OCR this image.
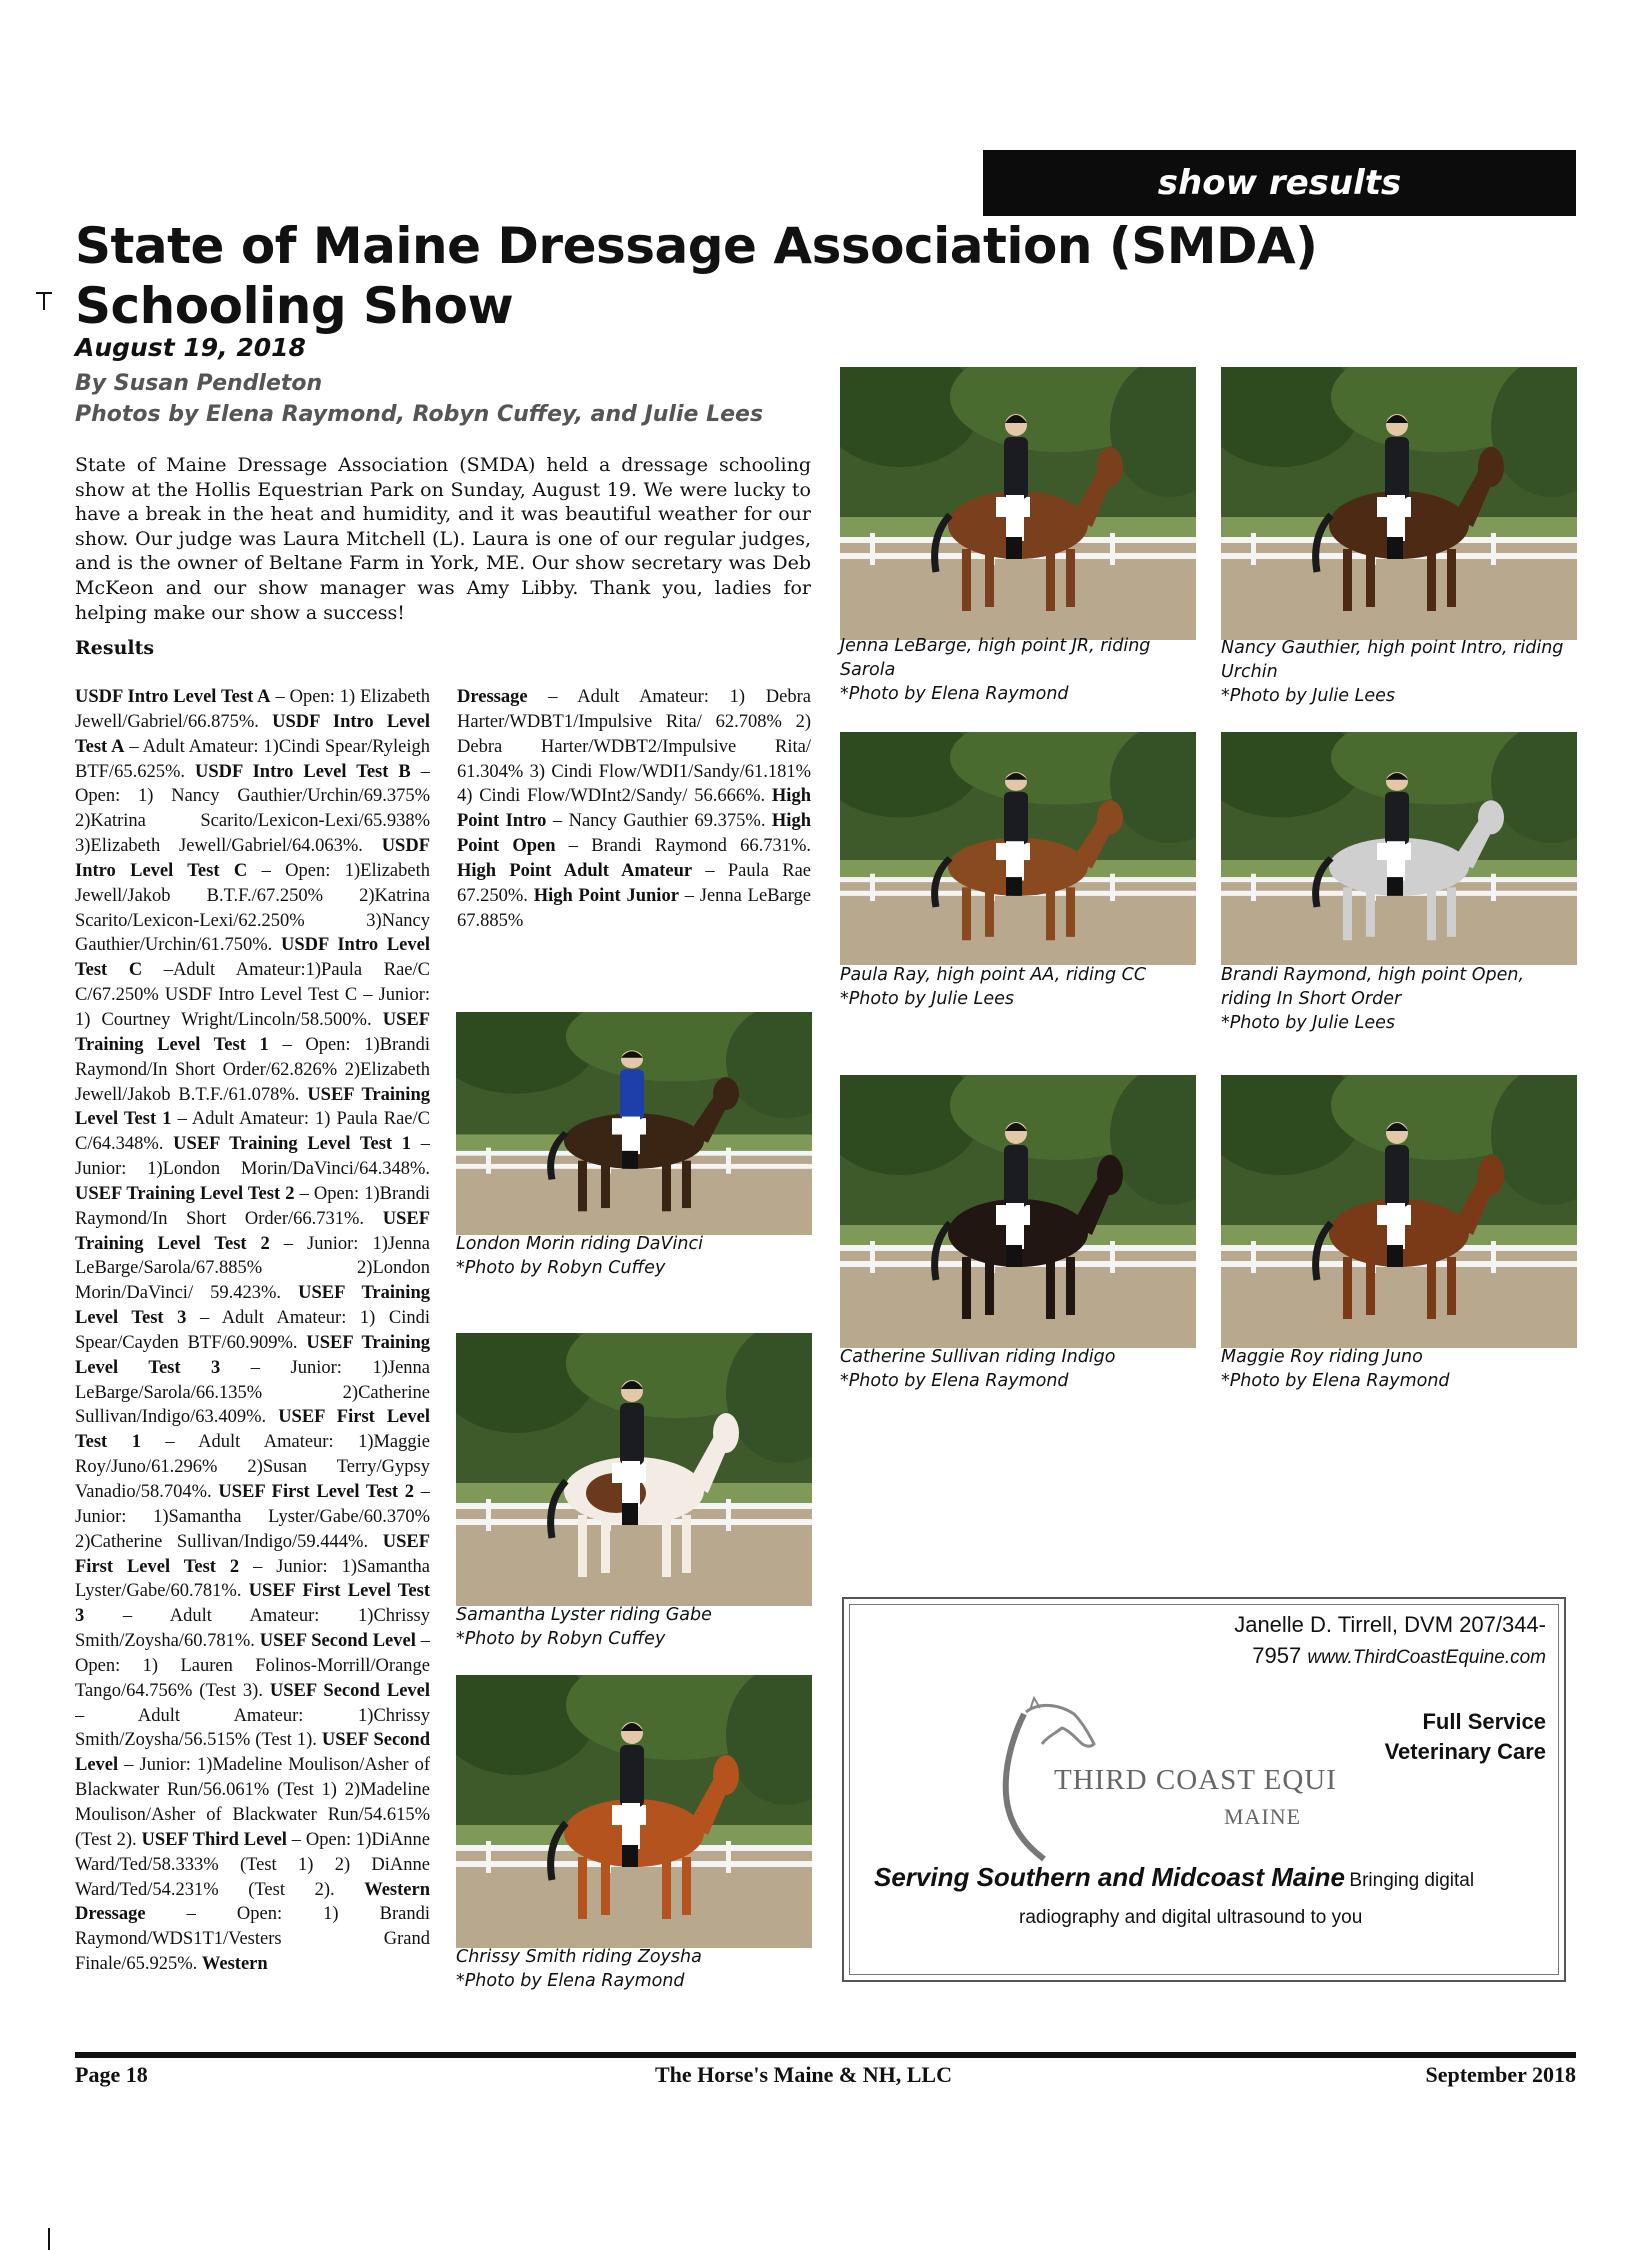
show results
State of Maine Dressage Association (SMDA) Schooling Show
August 19, 2018
By Susan Pendleton
Photos by Elena Raymond, Robyn Cuffey, and Julie Lees

State of Maine Dressage Association (SMDA) held a dressage schooling show at the Hollis Equestrian Park on Sunday, August 19. We were lucky to have a break in the heat and humidity, and it was beautiful weather for our show. Our judge was Laura Mitchell (L). Laura is one of our regular judges, and is the owner of Beltane Farm in York, ME. Our show secretary was Deb McKeon and our show manager was Amy Libby. Thank you, ladies for helping make our show a success!

Results

USDF Intro Level Test A – Open: 1) Elizabeth Jewell/Gabriel/66.875%. USDF Intro Level Test A – Adult Amateur: 1)Cindi Spear/Ryleigh BTF/65.625%. USDF Intro Level Test B – Open: 1) Nancy Gauthier/Urchin/69.375% 2)Katrina Scarito/Lexicon-Lexi/65.938% 3)Elizabeth Jewell/Gabriel/64.063%. USDF Intro Level Test C – Open: 1)Elizabeth Jewell/Jakob B.T.F./67.250% 2)Katrina Scarito/Lexicon-Lexi/62.250% 3)Nancy Gauthier/Urchin/61.750%. USDF Intro Level Test C –Adult Amateur:1)Paula Rae/C C/67.250% USDF Intro Level Test C – Junior: 1) Courtney Wright/Lincoln/58.500%. USEF Training Level Test 1 – Open: 1)Brandi Raymond/In Short Order/62.826% 2)Elizabeth Jewell/Jakob B.T.F./61.078%. USEF Training Level Test 1 – Adult Amateur: 1) Paula Rae/C C/64.348%. USEF Training Level Test 1 – Junior: 1)London Morin/DaVinci/64.348%. USEF Training Level Test 2 – Open: 1)Brandi Raymond/In Short Order/66.731%. USEF Training Level Test 2 – Junior: 1)Jenna LeBarge/Sarola/67.885% 2)London Morin/DaVinci/ 59.423%. USEF Training Level Test 3 – Adult Amateur: 1) Cindi Spear/Cayden BTF/60.909%. USEF Training Level Test 3 – Junior: 1)Jenna LeBarge/Sarola/66.135% 2)Catherine Sullivan/Indigo/63.409%. USEF First Level Test 1 – Adult Amateur: 1)Maggie Roy/Juno/61.296% 2)Susan Terry/Gypsy Vanadio/58.704%. USEF First Level Test 2 – Junior: 1)Samantha Lyster/Gabe/60.370% 2)Catherine Sullivan/Indigo/59.444%. USEF First Level Test 2 – Junior: 1)Samantha Lyster/Gabe/60.781%. USEF First Level Test 3 – Adult Amateur: 1)Chrissy Smith/Zoysha/60.781%. USEF Second Level – Open: 1) Lauren Folinos-Morrill/Orange Tango/64.756% (Test 3). USEF Second Level – Adult Amateur: 1)Chrissy Smith/Zoysha/56.515% (Test 1). USEF Second Level – Junior: 1)Madeline Moulison/Asher of Blackwater Run/56.061% (Test 1) 2)Madeline Moulison/Asher of Blackwater Run/54.615% (Test 2). USEF Third Level – Open: 1)DiAnne Ward/Ted/58.333% (Test 1) 2) DiAnne Ward/Ted/54.231% (Test 2). Western Dressage – Open: 1) Brandi Raymond/WDS1T1/Vesters Grand Finale/65.925%. Western

Dressage – Adult Amateur: 1) Debra Harter/WDBT1/Impulsive Rita/ 62.708% 2) Debra Harter/WDBT2/Impulsive Rita/ 61.304% 3) Cindi Flow/WDI1/Sandy/61.181% 4) Cindi Flow/WDInt2/Sandy/ 56.666%. High Point Intro – Nancy Gauthier 69.375%. High Point Open – Brandi Raymond 66.731%. High Point Adult Amateur – Paula Rae 67.250%. High Point Junior – Jenna LeBarge 67.885%

Jenna LeBarge, high point JR, riding Sarola
*Photo by Elena Raymond
Nancy Gauthier, high point Intro, riding Urchin
*Photo by Julie Lees
Paula Ray, high point AA, riding CC
*Photo by Julie Lees
Brandi Raymond, high point Open, riding In Short Order
*Photo by Julie Lees
London Morin riding DaVinci
*Photo by Robyn Cuffey
Catherine Sullivan riding Indigo
*Photo by Elena Raymond
Maggie Roy riding Juno
*Photo by Elena Raymond
Samantha Lyster riding Gabe
*Photo by Robyn Cuffey
Chrissy Smith riding Zoysha
*Photo by Elena Raymond
Janelle D. Tirrell, DVM 207/344-
7957 www.ThirdCoastEquine.com
THIRD COAST EQUI
MAINE
Full Service
Veterinary Care
Serving Southern and Midcoast Maine Bringing digital
radiography and digital ultrasound to you
Page 18	The Horse's Maine & NH, LLC	September 2018
